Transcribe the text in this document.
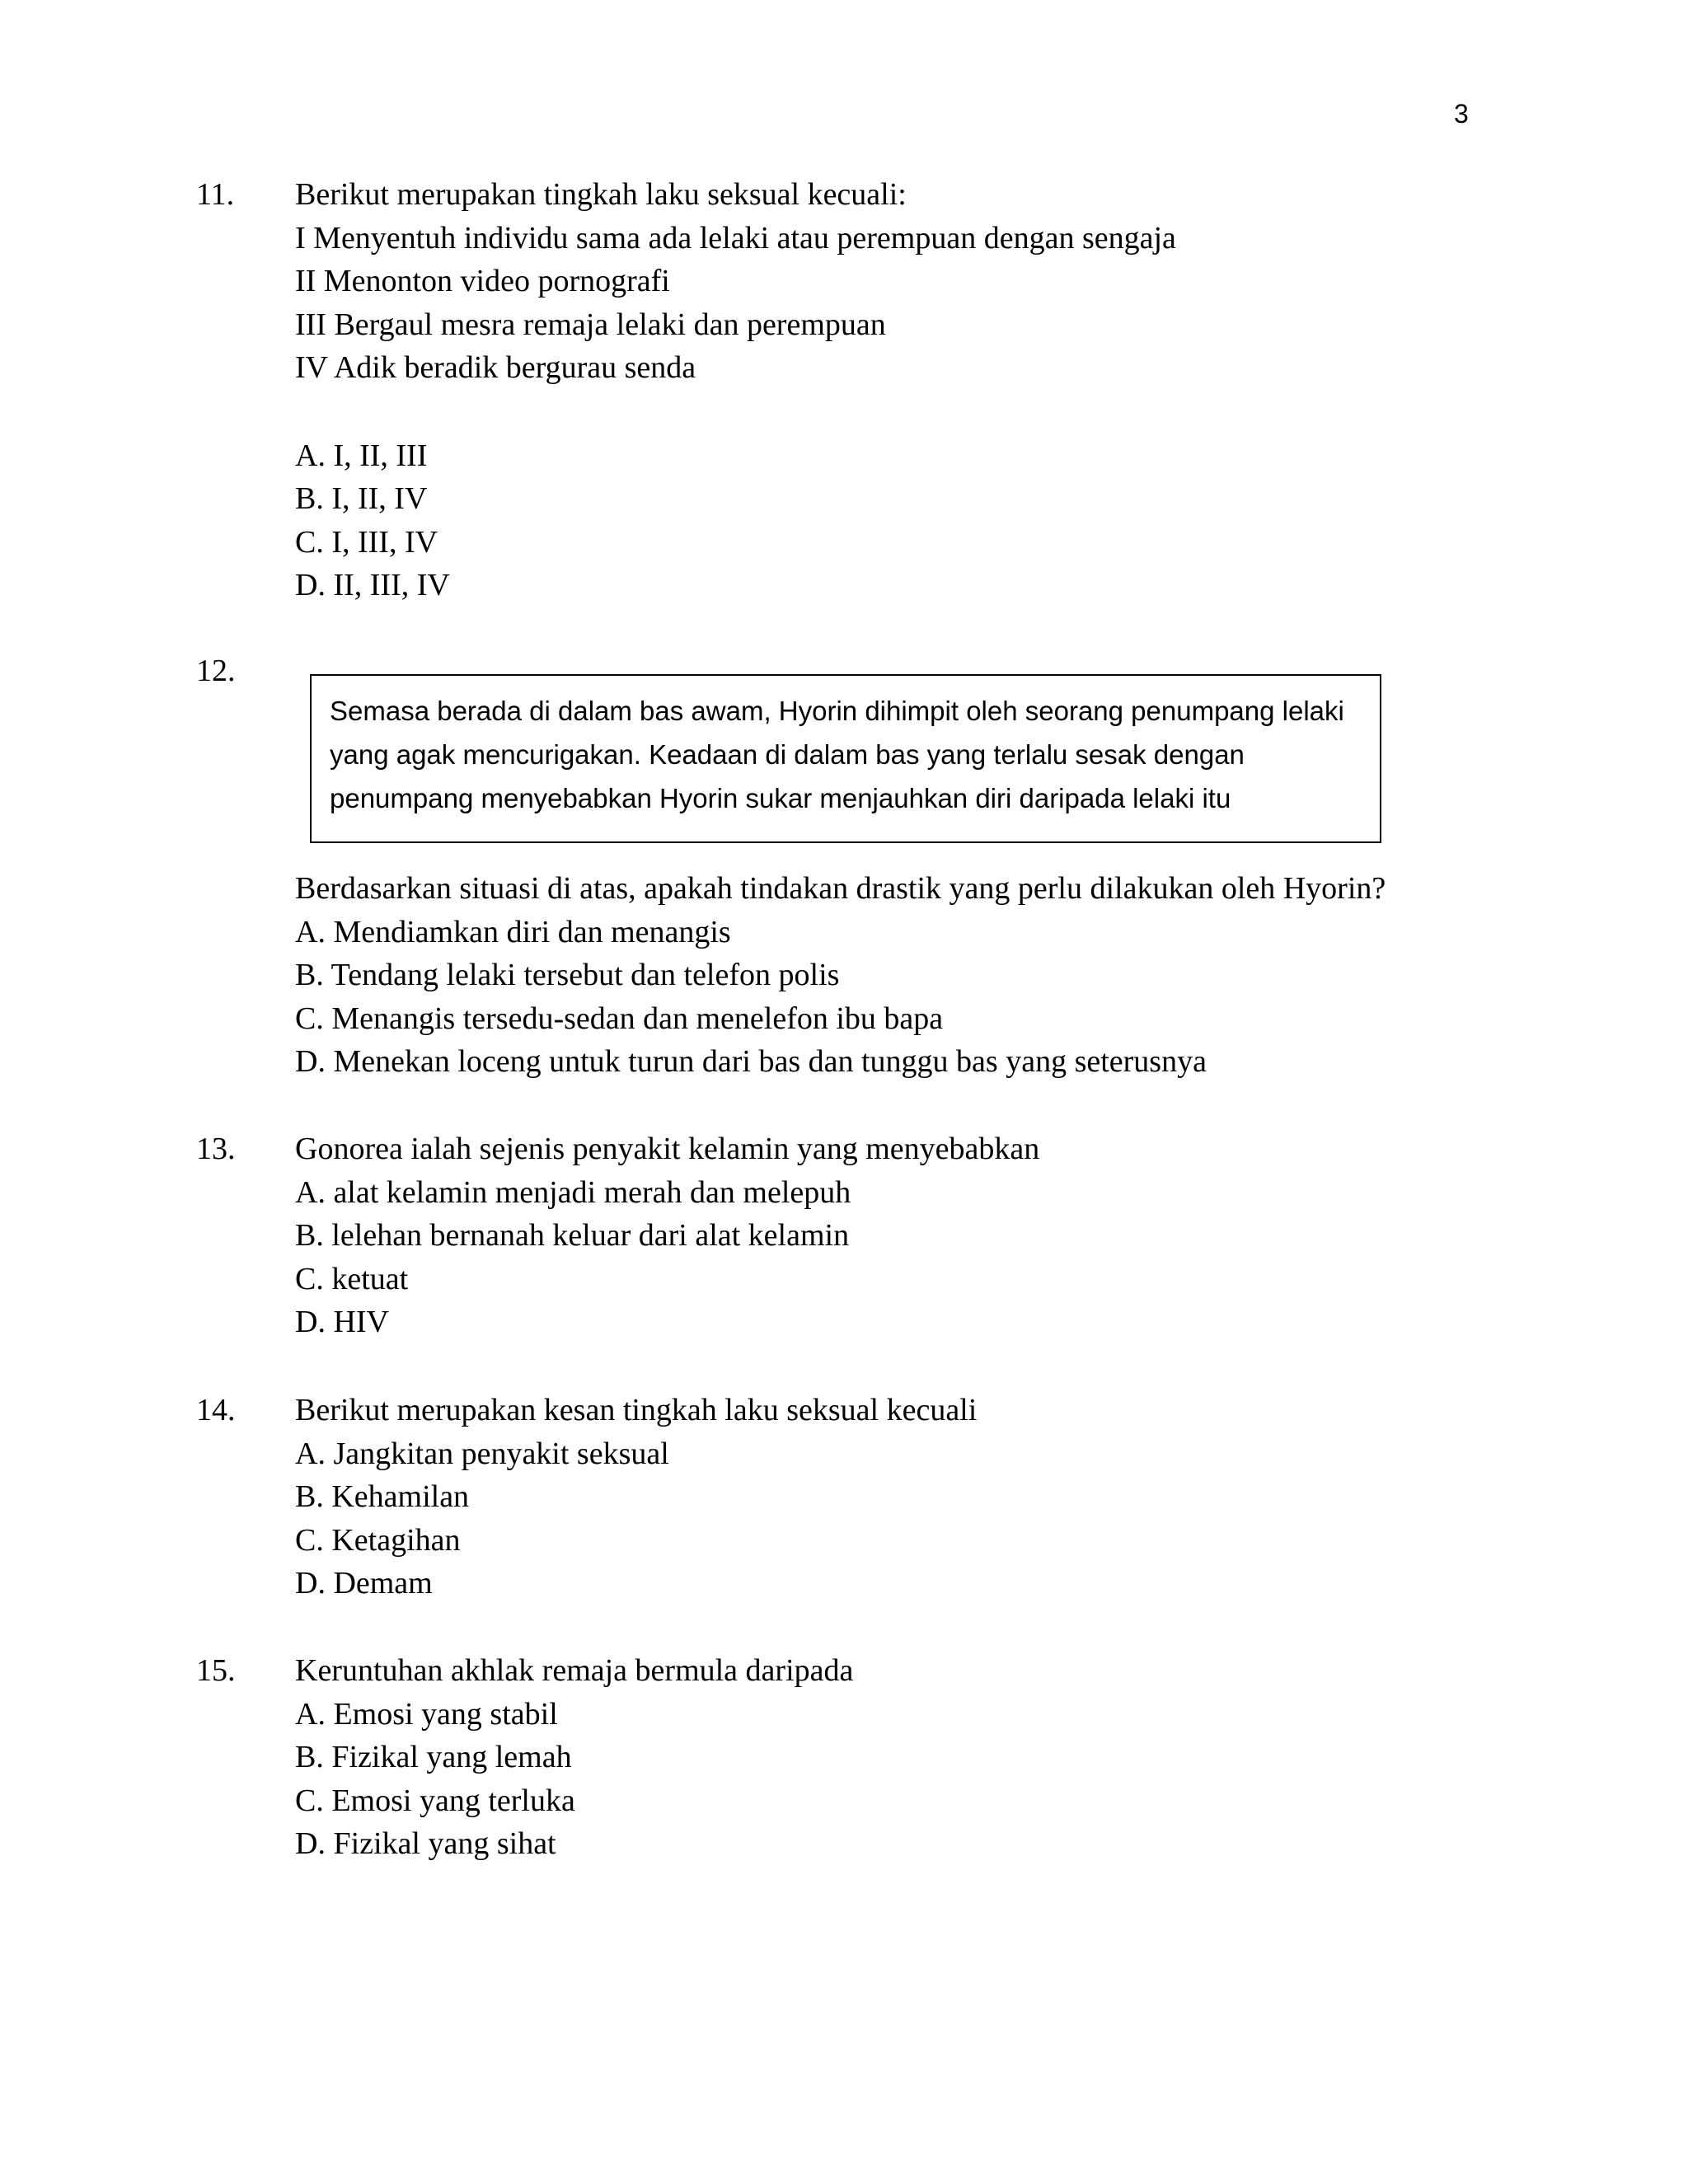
3
11. Berikut merupakan tingkah laku seksual kecuali:
I Menyentuh individu sama ada lelaki atau perempuan dengan sengaja
II Menonton video pornografi
III Bergaul mesra remaja lelaki dan perempuan
IV Adik beradik bergurau senda
A. I, II, III
B. I, II, IV
C. I, III, IV
D. II, III, IV
12.
Semasa berada di dalam bas awam, Hyorin dihimpit oleh seorang penumpang lelaki
yang agak mencurigakan. Keadaan di dalam bas yang terlalu sesak dengan
penumpang menyebabkan Hyorin sukar menjauhkan diri daripada lelaki itu
Berdasarkan situasi di atas, apakah tindakan drastik yang perlu dilakukan oleh Hyorin?
A. Mendiamkan diri dan menangis
B. Tendang lelaki tersebut dan telefon polis
C. Menangis tersedu-sedan dan menelefon ibu bapa
D. Menekan loceng untuk turun dari bas dan tunggu bas yang seterusnya
13. Gonorea ialah sejenis penyakit kelamin yang menyebabkan
A. alat kelamin menjadi merah dan melepuh
B. lelehan bernanah keluar dari alat kelamin
C. ketuat
D. HIV
14. Berikut merupakan kesan tingkah laku seksual kecuali
A. Jangkitan penyakit seksual
B. Kehamilan
C. Ketagihan
D. Demam
15. Keruntuhan akhlak remaja bermula daripada
A. Emosi yang stabil
B. Fizikal yang lemah
C. Emosi yang terluka
D. Fizikal yang sihat
